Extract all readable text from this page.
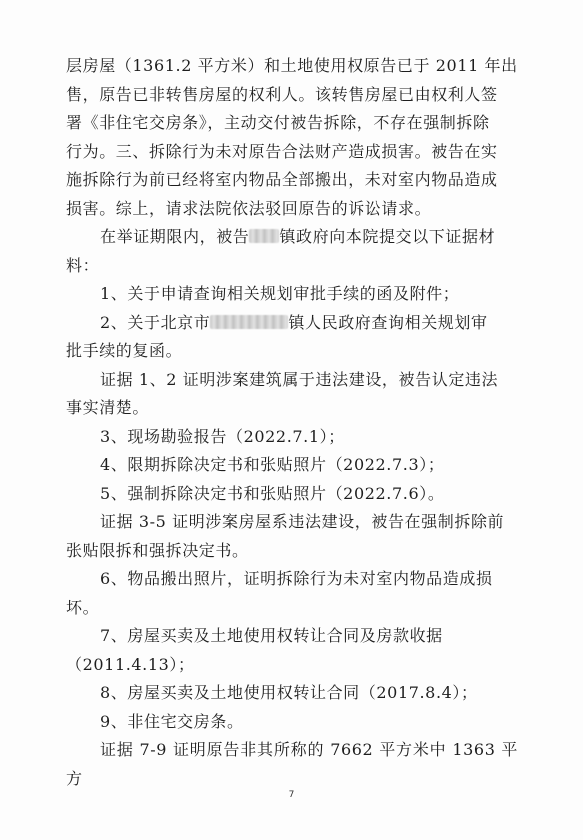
层房屋（1361.2 平方米）和土地使用权原告已于 2011 年出

售，原告已非转售房屋的权利人。该转售房屋已由权利人签

署《非住宅交房条》，主动交付被告拆除，不存在强制拆除

行为。三、拆除行为未对原告合法财产造成损害。被告在实

施拆除行为前已经将室内物品全部搬出，未对室内物品造成

损害。综上，请求法院依法驳回原告的诉讼请求。

在举证期限内，被告 镇政府向本院提交以下证据材

料：

1、关于申请查询相关规划审批手续的函及附件；

2、关于北京市	镇人民政府查询相关规划审

批手续的复函。

证据 1、2 证明涉案建筑属于违法建设，被告认定违法

事实清楚。

3、现场勘验报告（2022.7.1）；

4、限期拆除决定书和张贴照片（2022.7.3）；

5、强制拆除决定书和张贴照片（2022.7.6）。

证据 3-5 证明涉案房屋系违法建设，被告在强制拆除前

张贴限拆和强拆决定书。

6、物品搬出照片，证明拆除行为未对室内物品造成损

坏。

7、房屋买卖及土地使用权转让合同及房款收据

（2011.4.13）；

8、房屋买卖及土地使用权转让合同（2017.8.4）；

9、非住宅交房条。

证据 7-9 证明原告非其所称的 7662 平方米中 1363 平方

7
